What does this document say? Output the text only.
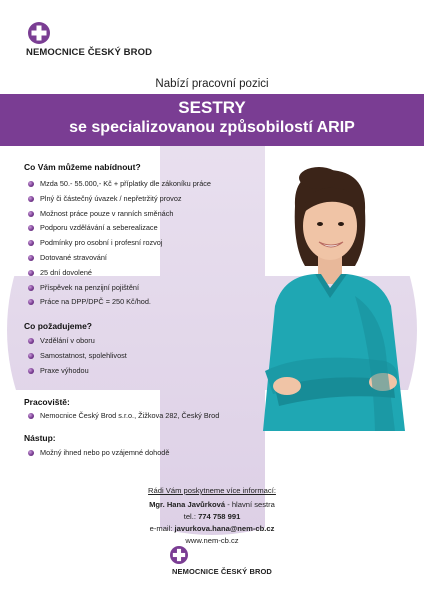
NEMOCNICE ČESKÝ BROD
Nabízí pracovní pozici
SESTRY
se specializovanou způsobilostí ARIP
Co Vám můžeme nabídnout?
Mzda 50.- 55.000,- Kč + příplatky dle zákoníku práce
Plný či částečný úvazek / nepřetržitý provoz
Možnost práce pouze v ranních směnách
Podporu vzdělávání a seberealizace
Podmínky pro osobní i profesní rozvoj
Dotované stravování
25 dní dovolené
Příspěvek na penzijní pojištění
Práce na DPP/DPČ = 250 Kč/hod.
Co požadujeme?
Vzdělání v oboru
Samostatnost, spolehlivost
Praxe výhodou
Pracoviště:
Nemocnice Český Brod s.r.o., Žižkova 282, Český Brod
Nástup:
Možný ihned nebo po vzájemné dohodě
Rádi Vám poskytneme více informací:
Mgr. Hana Javůrková - hlavní sestra
tel.: 774 758 991
e-mail: javurkova.hana@nem-cb.cz
www.nem-cb.cz
NEMOCNICE ČESKÝ BROD
